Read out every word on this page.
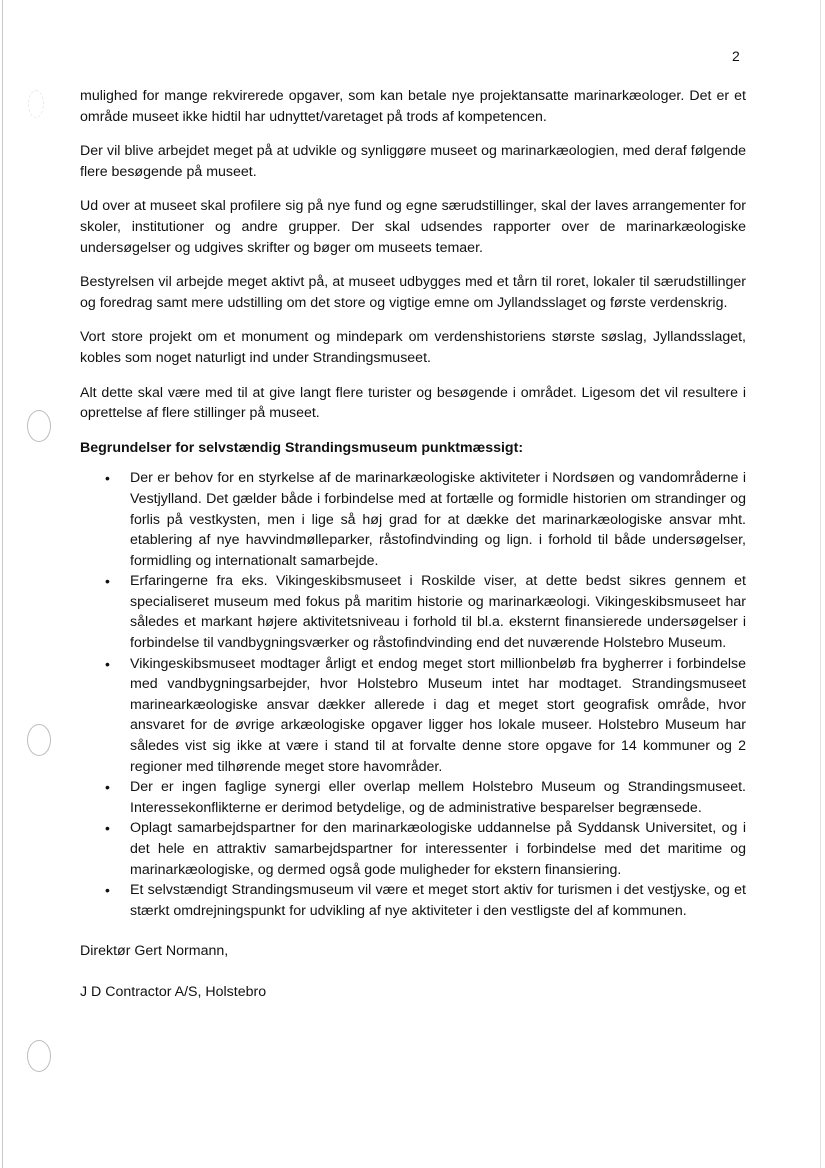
2

mulighed for mange rekvirerede opgaver, som kan betale nye projektansatte marinarkæologer. Det er et område museet ikke hidtil har udnyttet/varetaget på trods af kompetencen.

Der vil blive arbejdet meget på at udvikle og synliggøre museet og marinarkæologien, med deraf følgende flere besøgende på museet.

Ud over at museet skal profilere sig på nye fund og egne særudstillinger, skal der laves arrangementer for skoler, institutioner og andre grupper. Der skal udsendes rapporter over de marinarkæologiske undersøgelser og udgives skrifter og bøger om museets temaer.

Bestyrelsen vil arbejde meget aktivt på, at museet udbygges med et tårn til roret, lokaler til særudstillinger og foredrag samt mere udstilling om det store og vigtige emne om Jyllandsslaget og første verdenskrig.

Vort store projekt om et monument og mindepark om verdenshistoriens største søslag, Jyllandsslaget, kobles som noget naturligt ind under Strandingsmuseet.

Alt dette skal være med til at give langt flere turister og besøgende i området. Ligesom det vil resultere i oprettelse af flere stillinger på museet.

Begrundelser for selvstændig Strandingsmuseum punktmæssigt:

• Der er behov for en styrkelse af de marinarkæologiske aktiviteter i Nordsøen og vandområderne i Vestjylland. Det gælder både i forbindelse med at fortælle og formidle historien om strandinger og forlis på vestkysten, men i lige så høj grad for at dække det marinarkæologiske ansvar mht. etablering af nye havvindmølleparker, råstofindvinding og lign. i forhold til både undersøgelser, formidling og internationalt samarbejde.
• Erfaringerne fra eks. Vikingeskibsmuseet i Roskilde viser, at dette bedst sikres gennem et specialiseret museum med fokus på maritim historie og marinarkæologi. Vikingeskibsmuseet har således et markant højere aktivitetsniveau i forhold til bl.a. eksternt finansierede undersøgelser i forbindelse til vandbygningsværker og råstofindvinding end det nuværende Holstebro Museum.
• Vikingeskibsmuseet modtager årligt et endog meget stort millionbeløb fra bygherrer i forbindelse med vandbygningsarbejder, hvor Holstebro Museum intet har modtaget. Strandingsmuseet marinearkæologiske ansvar dækker allerede i dag et meget stort geografisk område, hvor ansvaret for de øvrige arkæologiske opgaver ligger hos lokale museer. Holstebro Museum har således vist sig ikke at være i stand til at forvalte denne store opgave for 14 kommuner og 2 regioner med tilhørende meget store havområder.
• Der er ingen faglige synergi eller overlap mellem Holstebro Museum og Strandingsmuseet. Interessekonflikterne er derimod betydelige, og de administrative besparelser begrænsede.
• Oplagt samarbejdspartner for den marinarkæologiske uddannelse på Syddansk Universitet, og i det hele en attraktiv samarbejdspartner for interessenter i forbindelse med det maritime og marinarkæologiske, og dermed også gode muligheder for ekstern finansiering.
• Et selvstændigt Strandingsmuseum vil være et meget stort aktiv for turismen i det vestjyske, og et stærkt omdrejningspunkt for udvikling af nye aktiviteter i den vestligste del af kommunen.
Direktør Gert Normann,
J D Contractor A/S, Holstebro
